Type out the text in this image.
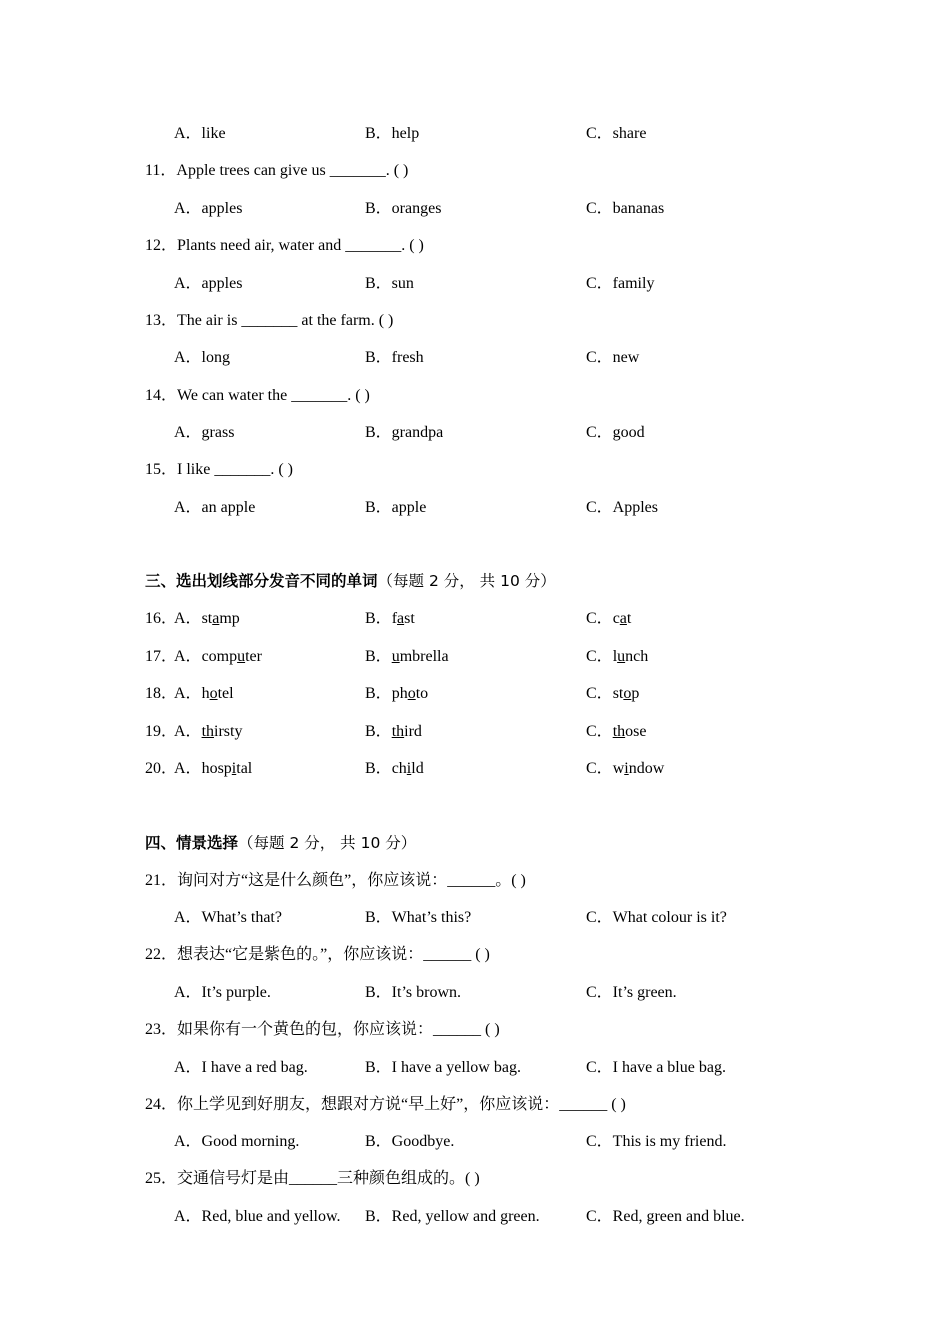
A．like	B．help	C．share
11．Apple trees can give us _______. ( )
A．apples	B．oranges	C．bananas
12．Plants need air, water and _______. ( )
A．apples	B．sun	C．family
13．The air is _______ at the farm. ( )
A．long	B．fresh	C．new
14．We can water the _______. ( )
A．grass	B．grandpa	C．good
15．I like _______. ( )
A．an apple	B．apple	C．Apples
三、选出划线部分发音不同的单词（每题 2 分， 共 10 分）
16．
A．stamp	B．fast	C．cat
17．
A．computer	B．umbrella	C．lunch
18．
A．hotel	B．photo	C．stop
19．
A．thirsty	B．third	C．those
20．
A．hospital	B．child	C．window
四、情景选择（每题 2 分， 共 10 分）
21．询问对方“这是什么颜色”，你应该说：______。( )
A．What’s that?	B．What’s this?	C．What colour is it?
22．想表达“它是紫色的。”，你应该说：______ ( )
A．It’s purple.	B．It’s brown.	C．It’s green.
23．如果你有一个黄色的包，你应该说：______ ( )
A．I have a red bag.	B．I have a yellow bag.	C．I have a blue bag.
24．你上学见到好朋友，想跟对方说“早上好”，你应该说：______ ( )
A．Good morning.	B．Goodbye.	C．This is my friend.
25．交通信号灯是由______三种颜色组成的。( )
A．Red, blue and yellow. B．Red, yellow and green.	C．Red, green and blue.
